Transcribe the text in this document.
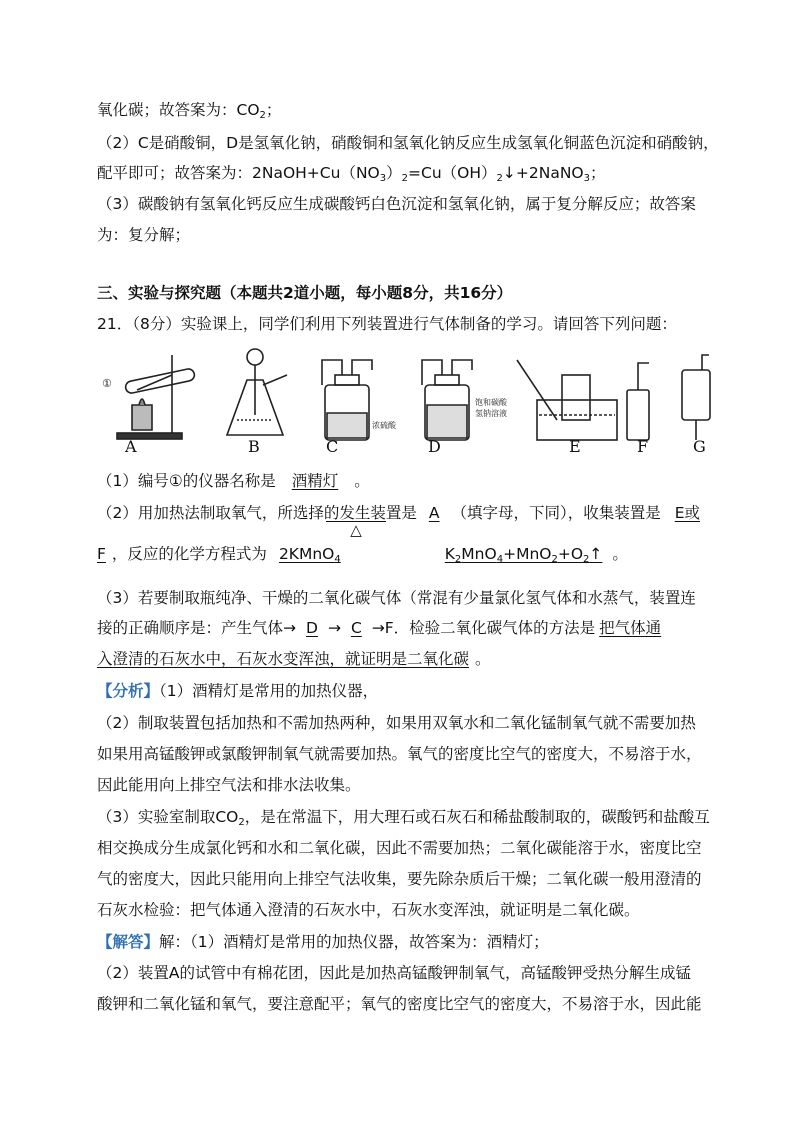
氧化碳；故答案为：$CO_2$；
（2）C是硝酸铜，D是氢氧化钠，硝酸铜和氢氧化钠反应生成氢氧化铜蓝色沉淀和硝酸钠，
配平即可；故答案为：$2NaOH+Cu(NO_3)_2=Cu(OH)_2↓+2NaNO_3$；
（3）碳酸钠有氢氧化钙反应生成碳酸钙白色沉淀和氢氧化钠，属于复分解反应；故答案
为：复分解；
三、实验与探究题（本题共2道小题，每小题8分，共16分）
21．（8分）实验课上，同学们利用下列装置进行气体制备的学习。请回答下列问题：
①
浓硫酸
饱和碳酸
氢钠溶液
A	B	C	D	E	F	G
（1）编号①的仪器名称是 酒精灯 。
（2）用加热法制取氧气，所选择的发生装置是 A （填字母，下同），收集装置是 E或
△
F ，反应的化学方程式为 2KMnO$_4$	$K_2MnO_4+MnO_2+O_2↑$ 。
（3）若要制取瓶纯净、干燥的二氧化碳气体（常混有少量氯化氢气体和水蒸气，装置连
接的正确顺序是：产生气体→ D → C →F．检验二氧化碳气体的方法是 把气体通
入澄清的石灰水中，石灰水变浑浊，就证明是二氧化碳 。
【分析】（1）酒精灯是常用的加热仪器，
（2）制取装置包括加热和不需加热两种，如果用双氧水和二氧化锰制氧气就不需要加热
如果用高锰酸钾或氯酸钾制氧气就需要加热。氧气的密度比空气的密度大，不易溶于水，
因此能用向上排空气法和排水法收集。
（3）实验室制取$CO_2$，是在常温下，用大理石或石灰石和稀盐酸制取的，碳酸钙和盐酸互
相交换成分生成氯化钙和水和二氧化碳，因此不需要加热；二氧化碳能溶于水，密度比空
气的密度大，因此只能用向上排空气法收集，要先除杂质后干燥；二氧化碳一般用澄清的
石灰水检验：把气体通入澄清的石灰水中，石灰水变浑浊，就证明是二氧化碳。
【解答】解：（1）酒精灯是常用的加热仪器，故答案为：酒精灯；
（2）装置A的试管中有棉花团，因此是加热高锰酸钾制氧气，高锰酸钾受热分解生成锰
酸钾和二氧化锰和氧气，要注意配平；氧气的密度比空气的密度大，不易溶于水，因此能
